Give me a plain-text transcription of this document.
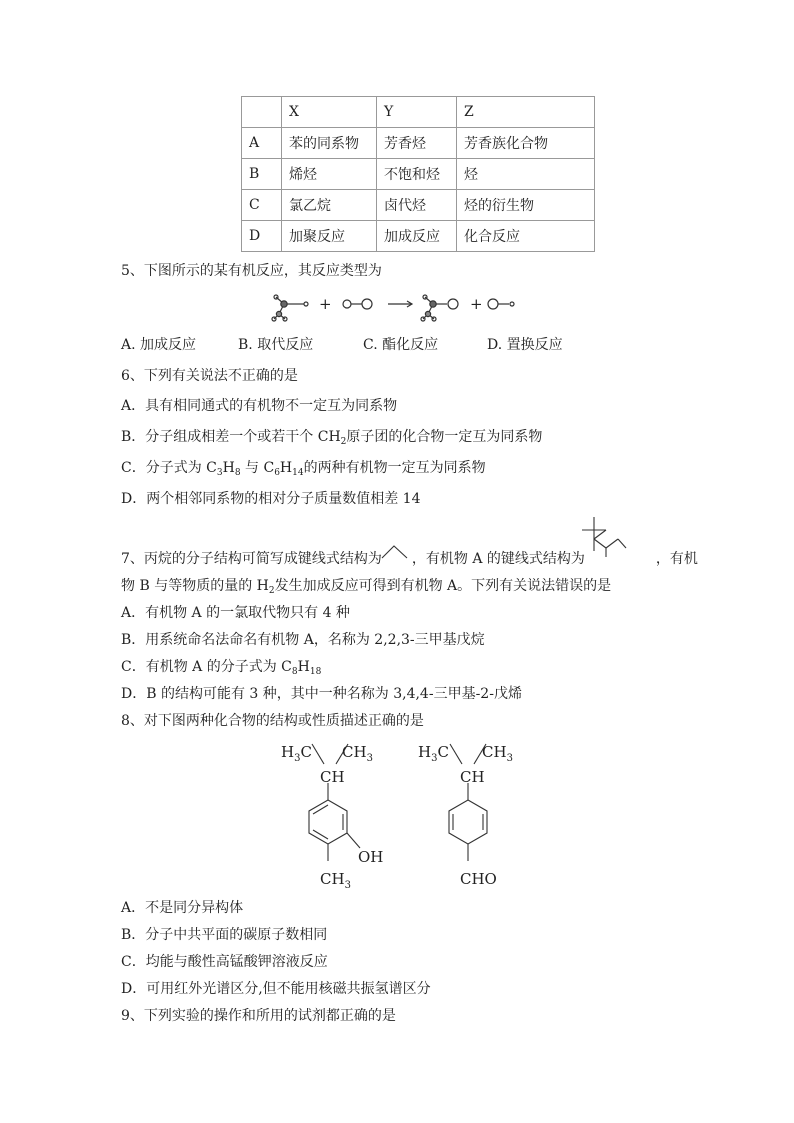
	X	Y	Z
A	苯的同系物	芳香烃	芳香族化合物
B	烯烃	不饱和烃	烃
C	氯乙烷	卤代烃	烃的衍生物
D	加聚反应	加成反应	化合反应
5、下图所示的某有机反应，其反应类型为
+	+
A. 加成反应	B. 取代反应	C. 酯化反应	D. 置换反应
6、下列有关说法不正确的是
A．具有相同通式的有机物不一定互为同系物
B．分子组成相差一个或若干个 $CH_2$原子团的化合物一定互为同系物
C．分子式为 $C_3H_8$ 与 $C_6H_{14}$的两种有机物一定互为同系物
D．两个相邻同系物的相对分子质量数值相差 14
7、丙烷的分子结构可简写成键线式结构为 ，有机物 A 的键线式结构为	，有机
物 B 与等物质的量的 $H_2$发生加成反应可得到有机物 A。下列有关说法错误的是
A．有机物 A 的一氯取代物只有 4 种
B．用系统命名法命名有机物 A，名称为 2,2,3-三甲基戊烷
C．有机物 A 的分子式为 $C_8H_{18}$
D．B 的结构可能有 3 种，其中一种名称为 3,4,4-三甲基-2-戊烯
8、对下图两种化合物的结构或性质描述正确的是
$H_3C$ $CH_3$
CH
OH
$CH_3$
$H_3C$ $CH_3$
CH
CHO
A．不是同分异构体
B．分子中共平面的碳原子数相同
C．均能与酸性高锰酸钾溶液反应
D．可用红外光谱区分,但不能用核磁共振氢谱区分
9、下列实验的操作和所用的试剂都正确的是
